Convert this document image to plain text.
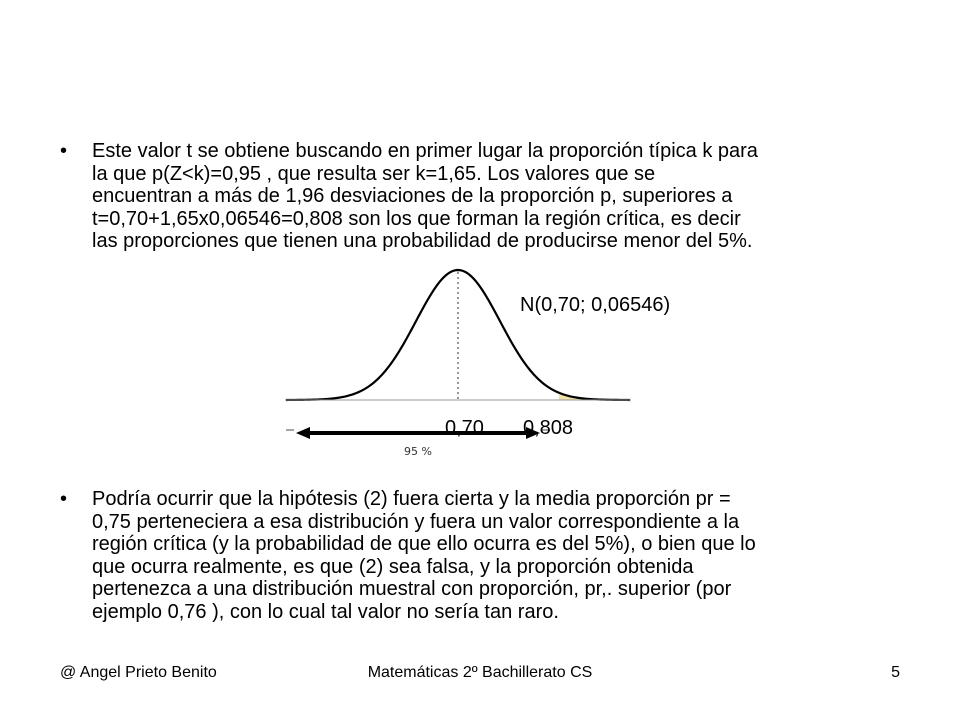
• Este valor t se obtiene buscando en primer lugar la proporción típica k para
la que p(Z<k)=0,95 , que resulta ser k=1,65. Los valores que se
encuentran a más de 1,96 desviaciones de la proporción p, superiores a
t=0,70+1,65x0,06546=0,808 son los que forman la región crítica, es decir
las proporciones que tienen una probabilidad de producirse menor del 5%.
N(0,70; 0,06546)
0,70 0,808
95 %
• Podría ocurrir que la hipótesis (2) fuera cierta y la media proporción pr =
0,75 perteneciera a esa distribución y fuera un valor correspondiente a la
región crítica (y la probabilidad de que ello ocurra es del 5%), o bien que lo
que ocurra realmente, es que (2) sea falsa, y la proporción obtenida
pertenezca a una distribución muestral con proporción, pr,. superior (por
ejemplo 0,76 ), con lo cual tal valor no sería tan raro.
@ Angel Prieto Benito	Matemáticas 2º Bachillerato CS	5
